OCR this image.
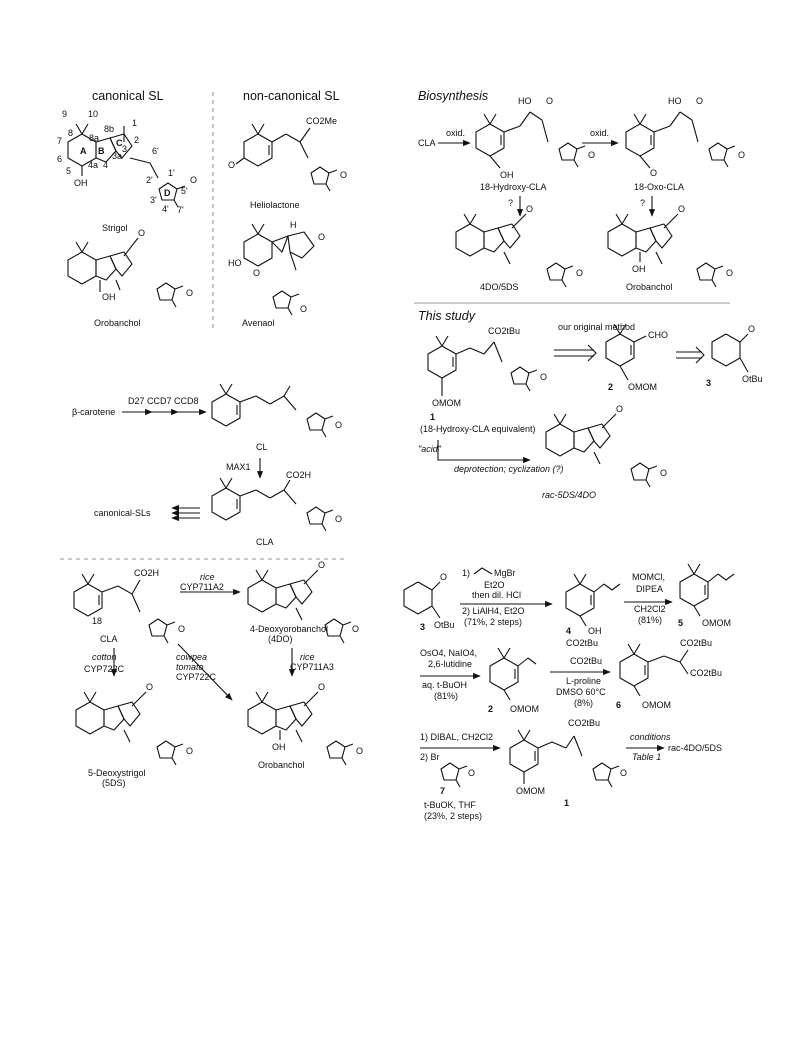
canonical SL	non-canonical SL
A B
C
D
9 10
8 8a
8b
1
2
7
6
5
4a 4
3a
3	6'
2'
1'
5'
3'
4' 7'
OH	O
Strigol O
OH	O
Orobanchol
CO2Me
O
O
Heliolactone
H
HO
O
O
O
Avenaol
Biosynthesis
CLA
oxid.
HO O
OH
O
18-Hydroxy-CLA
oxid.
HO O
O
O
18-Oxo-CLA
?	?
O
O
4DO/5DS
O
OH	O
Orobanchol
β-carotene
D27 CCD7 CCD8
O
CL
MAX1
CO2H
O
CLA
canonical-SLs
This study
CO2tBu
OMOM
O
1
(18-Hydroxy-CLA equivalent)
our original method
CHO
OMOM
2
O
OtBu
3
"acid"
deprotection; cyclization (?)
O
O
rac-5DS/4DO
CO2H
18
O
CLA
rice
CYP711A2
O
O
4-Deoxyorobanchol
(4DO)
cotton
CYP722C
cowpea
tomato
CYP722C
rice
CYP711A3
O
O
5-Deoxystrigol
(5DS)
O
OH	O
Orobanchol
O
OtBu
3
1)	MgBr
Et2O
then dil. HCl
2) LiAlH4, Et2O
(71%, 2 steps)
OH
4
MOMCl,
DIPEA
CH2Cl2
(81%)	OMOM
5
OsO4, NaIO4,
2,6-lutidine
aq. t-BuOH
(81%)
OMOM
2
CO2tBu
CO2tBu
L-proline
DMSO 60°C
(8%)
CO2tBu
CO2tBu
OMOM
6
1) DIBAL, CH2Cl2
2) Br
O
7
t-BuOK, THF
(23%, 2 steps)
CO2tBu
OMOM
O
1
conditions
Table 1
rac-4DO/5DS
